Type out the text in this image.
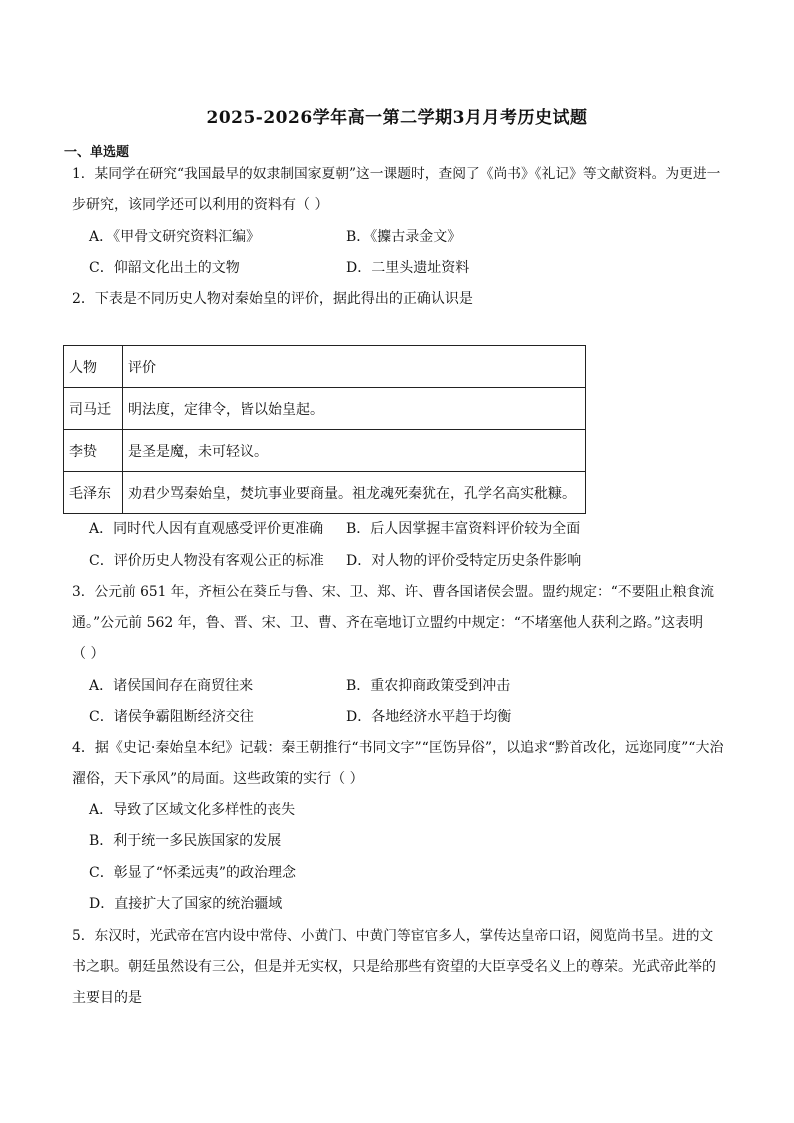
2025-2026学年高一第二学期3月月考历史试题
一、单选题
1．某同学在研究“我国最早的奴隶制国家夏朝”这一课题时，查阅了《尚书》《礼记》等文献资料。为更进一
步研究，该同学还可以利用的资料有（ ）
A．《甲骨文研究资料汇编》	B．《攈古录金文》
C．仰韶文化出土的文物	D．二里头遗址资料
2．下表是不同历史人物对秦始皇的评价，据此得出的正确认识是
人物	评价
司马迁	明法度，定律令，皆以始皇起。
李贽	是圣是魔，未可轻议。
毛泽东	劝君少骂秦始皇，焚坑事业要商量。祖龙魂死秦犹在，孔学名高实秕糠。
A．同时代人因有直观感受评价更准确 B．后人因掌握丰富资料评价较为全面
C．评价历史人物没有客观公正的标准 D．对人物的评价受特定历史条件影响
3．公元前 651 年，齐桓公在葵丘与鲁、宋、卫、郑、许、曹各国诸侯会盟。盟约规定：“不要阻止粮食流
通。”公元前 562 年，鲁、晋、宋、卫、曹、齐在亳地订立盟约中规定：“不堵塞他人获利之路。”这表明
（ ）
A．诸侯国间存在商贸往来	B．重农抑商政策受到冲击
C．诸侯争霸阻断经济交往	D．各地经济水平趋于均衡
4．据《史记·秦始皇本纪》记载：秦王朝推行“书同文字”“匡饬异俗”，以追求“黔首改化，远迩同度”“大治
濯俗，天下承风”的局面。这些政策的实行（ ）
A．导致了区域文化多样性的丧失
B．利于统一多民族国家的发展
C．彰显了“怀柔远夷”的政治理念
D．直接扩大了国家的统治疆域
5．东汉时，光武帝在宫内设中常侍、小黄门、中黄门等宦官多人，掌传达皇帝口诏，阅览尚书呈。进的文
书之职。朝廷虽然设有三公，但是并无实权，只是给那些有资望的大臣享受名义上的尊荣。光武帝此举的
主要目的是
